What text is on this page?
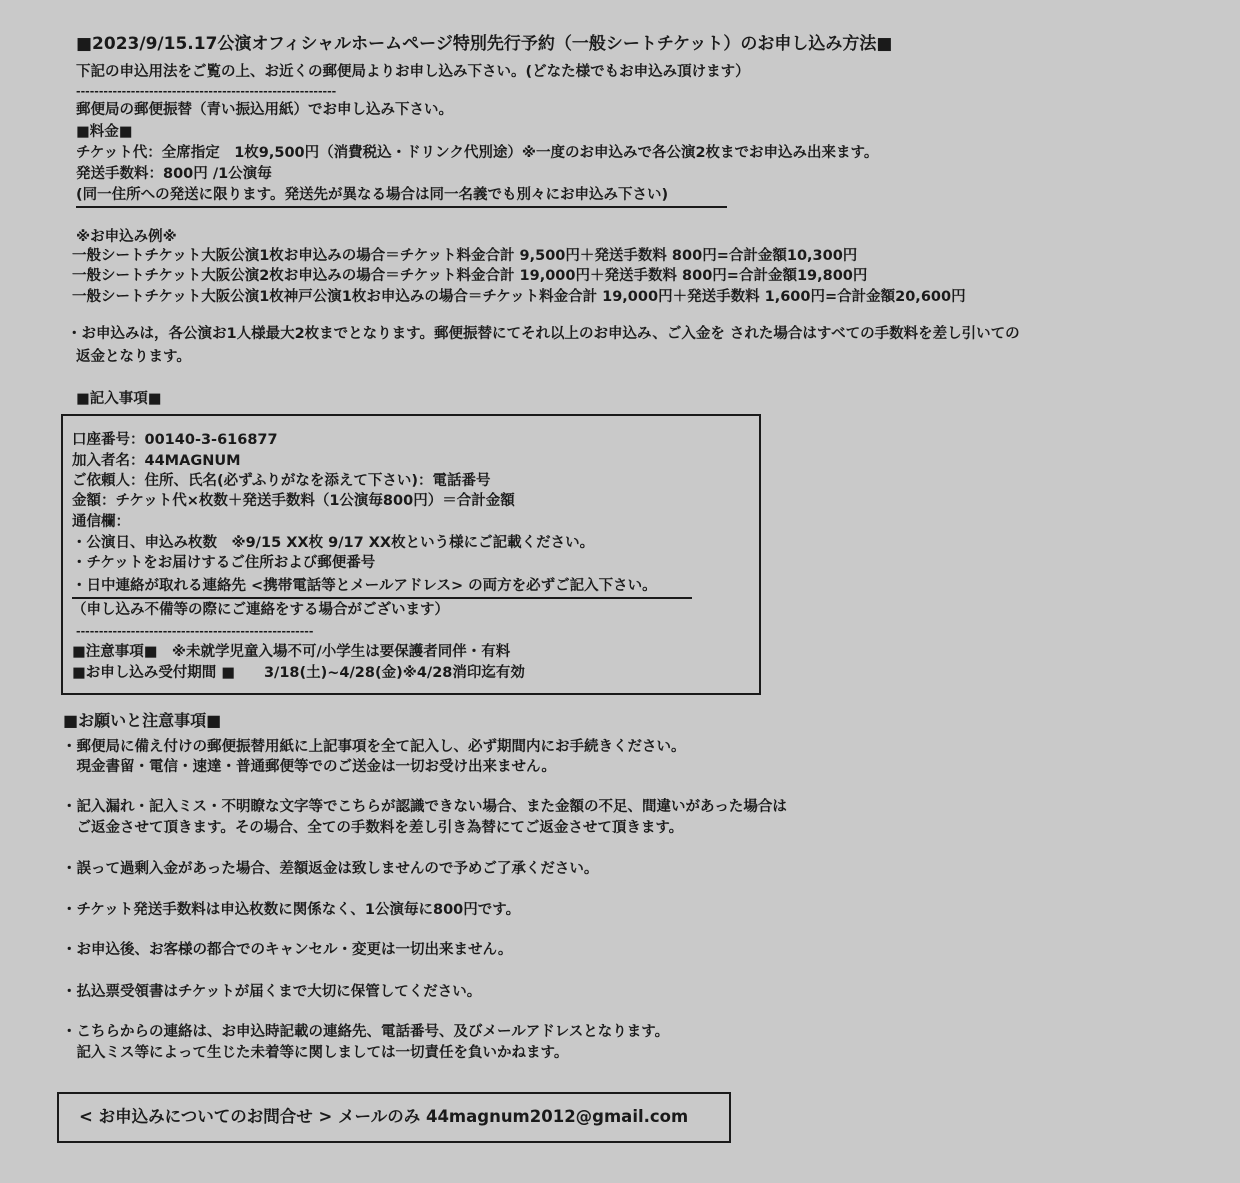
■2023/9/15.17公演オフィシャルホームページ特別先行予約（一般シートチケット）のお申し込み方法■
下記の申込用法をご覧の上、お近くの郵便局よりお申し込み下さい。(どなた様でもお申込み頂けます）
---------------------------------------------------------
郵便局の郵便振替（青い振込用紙）でお申し込み下さい。
■料金■
チケット代：全席指定　1枚9,500円（消費税込・ドリンク代別途）※一度のお申込みで各公演2枚までお申込み出来ます。
発送手数料：800円 /1公演毎
(同一住所への発送に限ります。発送先が異なる場合は同一名義でも別々にお申込み下さい)
※お申込み例※
一般シートチケット大阪公演1枚お申込みの場合＝チケット料金合計 9,500円＋発送手数料 800円=合計金額10,300円
一般シートチケット大阪公演2枚お申込みの場合＝チケット料金合計 19,000円＋発送手数料 800円=合計金額19,800円
一般シートチケット大阪公演1枚神戸公演1枚お申込みの場合＝チケット料金合計 19,000円＋発送手数料 1,600円=合計金額20,600円
・お申込みは，各公演お1人様最大2枚までとなります。郵便振替にてそれ以上のお申込み、ご入金を された場合はすべての手数料を差し引いての
返金となります。
■記入事項■
口座番号：00140-3-616877
加入者名：44MAGNUM
ご依頼人：住所、氏名(必ずふりがなを添えて下さい)：電話番号
金額：チケット代×枚数＋発送手数料（1公演毎800円）＝合計金額
通信欄：
・公演日、申込み枚数　※9/15 XX枚 9/17 XX枚という様にご記載ください。
・チケットをお届けするご住所および郵便番号
・日中連絡が取れる連絡先 <携帯電話等とメールアドレス> の両方を必ずご記入下さい。
（申し込み不備等の際にご連絡をする場合がございます）
----------------------------------------------------
■注意事項■　※未就学児童入場不可/小学生は要保護者同伴・有料
■お申し込み受付期間 ■　　3/18(土)~4/28(金)※4/28消印迄有効
■お願いと注意事項■
・郵便局に備え付けの郵便振替用紙に上記事項を全て記入し、必ず期間内にお手続きください。
　現金書留・電信・速達・普通郵便等でのご送金は一切お受け出来ません。
・記入漏れ・記入ミス・不明瞭な文字等でこちらが認識できない場合、また金額の不足、間違いがあった場合は
　ご返金させて頂きます。その場合、全ての手数料を差し引き為替にてご返金させて頂きます。
・誤って過剰入金があった場合、差額返金は致しませんので予めご了承ください。
・チケット発送手数料は申込枚数に関係なく、1公演毎に800円です。
・お申込後、お客様の都合でのキャンセル・変更は一切出来ません。
・払込票受領書はチケットが届くまで大切に保管してください。
・こちらからの連絡は、お申込時記載の連絡先、電話番号、及びメールアドレスとなります。
　記入ミス等によって生じた未着等に関しましては一切責任を負いかねます。
< お申込みについてのお問合せ > メールのみ 44magnum2012@gmail.com
